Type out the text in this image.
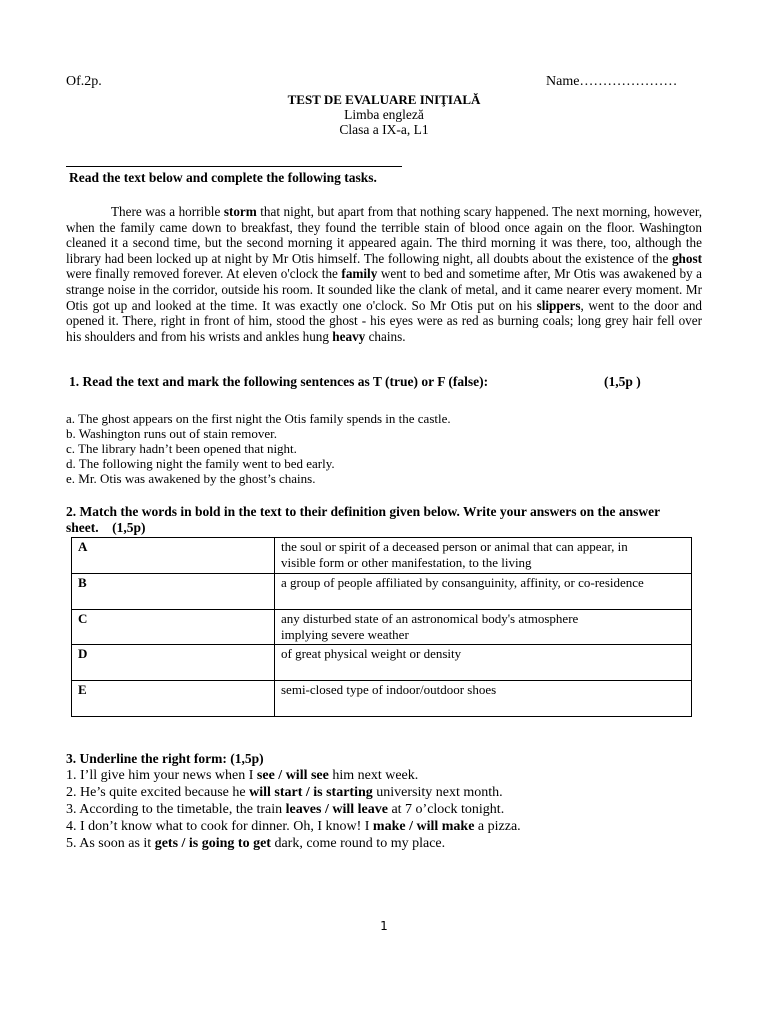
Of.2p.	Name…………………
TEST DE EVALUARE INIŢIALĂ
Limba engleză
Clasa a IX-a, L1
Read the text below and complete the following tasks.
There was a horrible storm that night, but apart from that nothing scary happened. The next morning, however, when the family came down to breakfast, they found the terrible stain of blood once again on the floor. Washington cleaned it a second time, but the second morning it appeared again. The third morning it was there, too, although the library had been locked up at night by Mr Otis himself. The following night, all doubts about the existence of the ghost were finally removed forever. At eleven o'clock the family went to bed and sometime after, Mr Otis was awakened by a strange noise in the corridor, outside his room. It sounded like the clank of metal, and it came nearer every moment. Mr Otis got up and looked at the time. It was exactly one o'clock. So Mr Otis put on his slippers, went to the door and opened it. There, right in front of him, stood the ghost - his eyes were as red as burning coals; long grey hair fell over his shoulders and from his wrists and ankles hung heavy chains.
1. Read the text and mark the following sentences as T (true) or F (false):	(1,5p )
a. The ghost appears on the first night the Otis family spends in the castle.
b. Washington runs out of stain remover.
c. The library hadn’t been opened that night.
d. The following night the family went to bed early.
e. Mr. Otis was awakened by the ghost’s chains.
2. Match the words in bold in the text to their definition given below. Write your answers on the answer sheet. (1,5p)
A	the soul or spirit of a deceased person or animal that can appear, in
visible form or other manifestation, to the living

B	a group of people affiliated by consanguinity, affinity, or co-residence

C	any disturbed state of an astronomical body's atmosphere
implying severe weather

D	of great physical weight or density

E	semi-closed type of indoor/outdoor shoes
3. Underline the right form: (1,5p)
1. I’ll give him your news when I see / will see him next week.
2. He’s quite excited because he will start / is starting university next month.
3. According to the timetable, the train leaves / will leave at 7 o’clock tonight.
4. I don’t know what to cook for dinner. Oh, I know! I make / will make a pizza.
5. As soon as it gets / is going to get dark, come round to my place.
1
